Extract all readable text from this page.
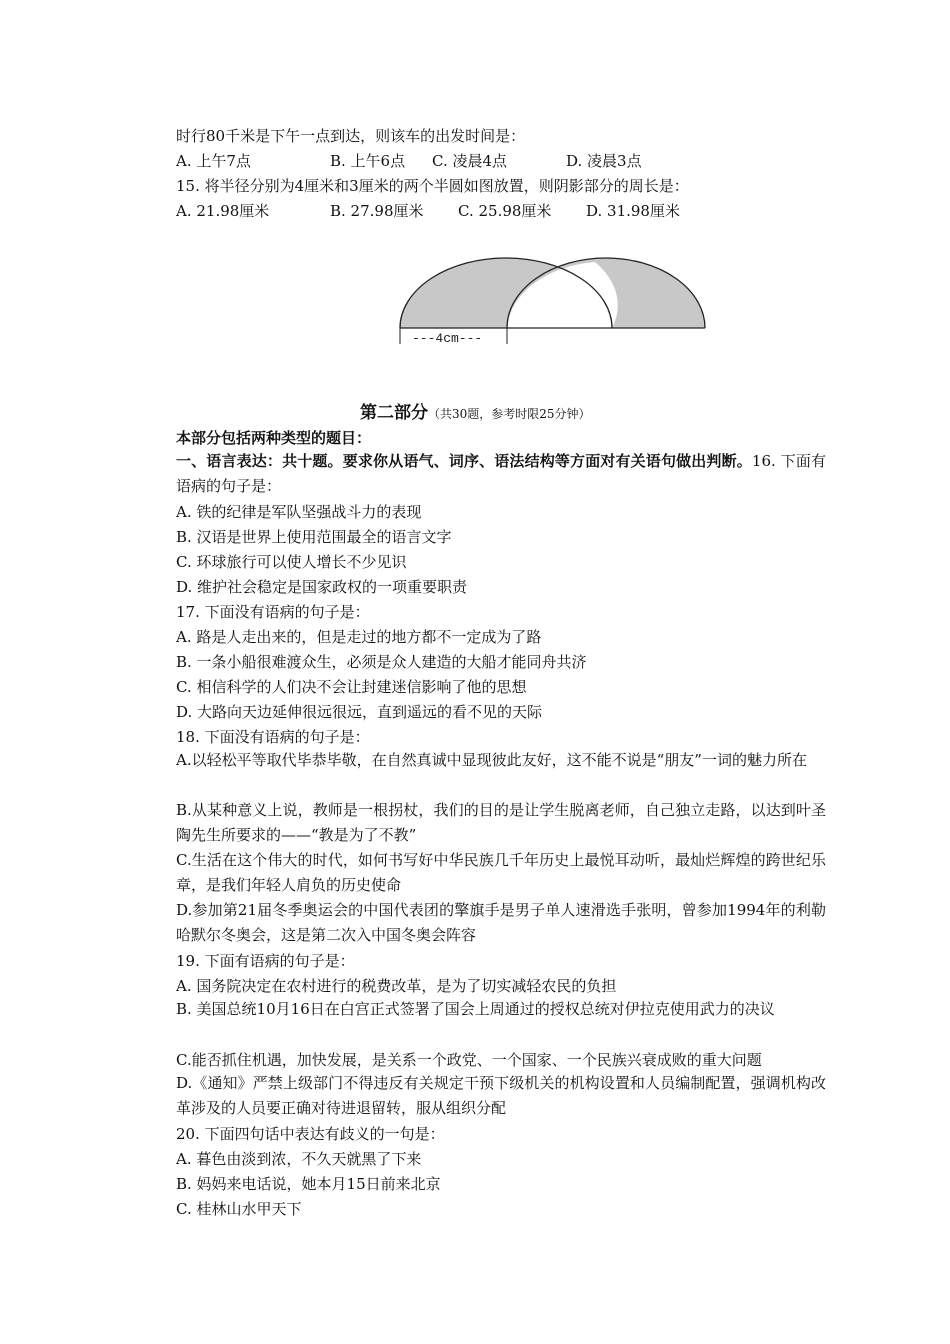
时行80千米是下午一点到达，则该车的出发时间是：
A. 上午7点	B. 上午6点 C. 凌晨4点	D. 凌晨3点
15. 将半径分别为4厘米和3厘米的两个半圆如图放置，则阴影部分的周长是：
A. 21.98厘米	B. 27.98厘米 C. 25.98厘米 D. 31.98厘米
---4cm---
第二部分（共30题，参考时限25分钟）
本部分包括两种类型的题目：
一、语言表达：共十题。要求你从语气、词序、语法结构等方面对有关语句做出判断。16. 下面有语病的句子是：
A. 铁的纪律是军队坚强战斗力的表现
B. 汉语是世界上使用范围最全的语言文字
C. 环球旅行可以使人增长不少见识
D. 维护社会稳定是国家政权的一项重要职责
17. 下面没有语病的句子是：
A. 路是人走出来的，但是走过的地方都不一定成为了路
B. 一条小船很难渡众生，必须是众人建造的大船才能同舟共济
C. 相信科学的人们决不会让封建迷信影响了他的思想
D. 大路向天边延伸很远很远，直到遥远的看不见的天际
18. 下面没有语病的句子是：
A.以轻松平等取代毕恭毕敬，在自然真诚中显现彼此友好，这不能不说是“朋友”一词的魅力所在
B.从某种意义上说，教师是一根拐杖，我们的目的是让学生脱离老师，自己独立走路，以达到叶圣陶先生所要求的——“教是为了不教”
C.生活在这个伟大的时代，如何书写好中华民族几千年历史上最悦耳动听，最灿烂辉煌的跨世纪乐章，是我们年轻人肩负的历史使命
D.参加第21届冬季奥运会的中国代表团的擎旗手是男子单人速滑选手张明，曾参加1994年的利勒哈默尔冬奥会，这是第二次入中国冬奥会阵容
19. 下面有语病的句子是：
A. 国务院决定在农村进行的税费改革，是为了切实减轻农民的负担
B. 美国总统10月16日在白宫正式签署了国会上周通过的授权总统对伊拉克使用武力的决议
C.能否抓住机遇，加快发展，是关系一个政党、一个国家、一个民族兴衰成败的重大问题
D.《通知》严禁上级部门不得违反有关规定干预下级机关的机构设置和人员编制配置，强调机构改革涉及的人员要正确对待进退留转，服从组织分配
20. 下面四句话中表达有歧义的一句是：
A. 暮色由淡到浓，不久天就黑了下来
B. 妈妈来电话说，她本月15日前来北京
C. 桂林山水甲天下
